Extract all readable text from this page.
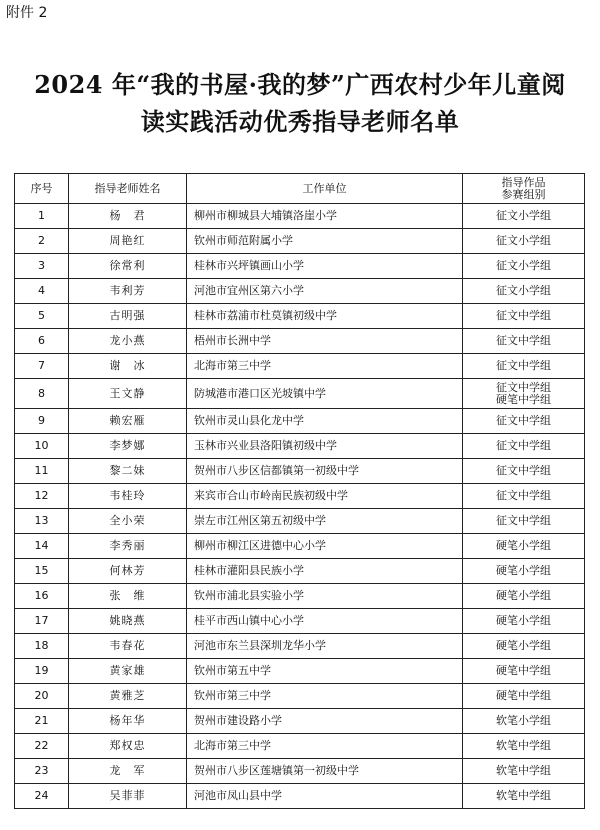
附件 2
2024 年“我的书屋·我的梦”广西农村少年儿童阅
读实践活动优秀指导老师名单
序号	指导老师姓名	工作单位	指导作品
参赛组别

1	杨　君	柳州市柳城县大埔镇洛崖小学	征文小学组

2	周艳红	钦州市师范附属小学	征文小学组

3	徐常利	桂林市兴坪镇画山小学	征文小学组

4	韦利芳	河池市宜州区第六小学	征文小学组

5	古明强	桂林市荔浦市杜莫镇初级中学	征文中学组

6	龙小燕	梧州市长洲中学	征文中学组

7	谢　冰	北海市第三中学	征文中学组

8	王文静	防城港市港口区光坡镇中学	征文中学组
硬笔中学组

9	赖宏雁	钦州市灵山县化龙中学	征文中学组

10	李梦娜	玉林市兴业县洛阳镇初级中学	征文中学组

11	黎二妹	贺州市八步区信都镇第一初级中学	征文中学组

12	韦桂玲	来宾市合山市岭南民族初级中学	征文中学组

13	全小荣	崇左市江州区第五初级中学	征文中学组

14	李秀丽	柳州市柳江区进德中心小学	硬笔小学组

15	何林芳	桂林市灌阳县民族小学	硬笔小学组

16	张　维	钦州市浦北县实验小学	硬笔小学组

17	姚晓燕	桂平市西山镇中心小学	硬笔小学组

18	韦春花	河池市东兰县深圳龙华小学	硬笔小学组

19	黄家雄	钦州市第五中学	硬笔中学组

20	黄雅芝	钦州市第三中学	硬笔中学组

21	杨年华	贺州市建设路小学	软笔小学组

22	郑权忠	北海市第三中学	软笔中学组

23	龙　军	贺州市八步区莲塘镇第一初级中学	软笔中学组

24	吴菲菲	河池市凤山县中学	软笔中学组
